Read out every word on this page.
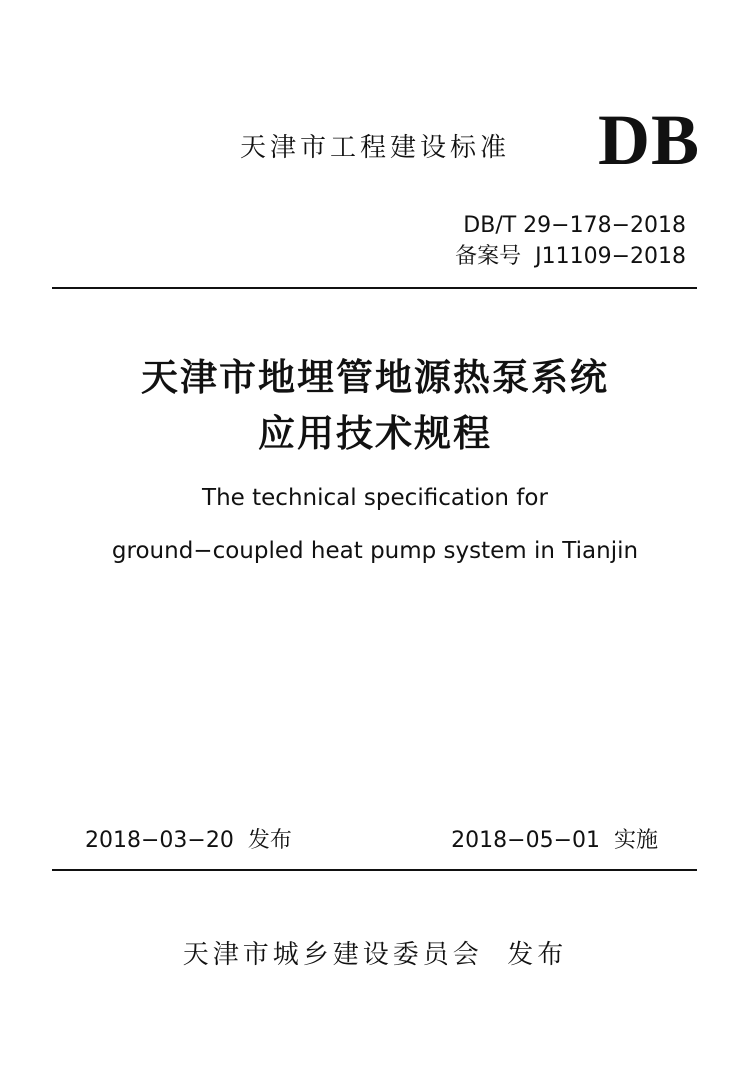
天津市工程建设标准 DB
DB/T 29−178−2018
备案号  J11109−2018
天津市地埋管地源热泵系统
应用技术规程
The technical specification for
ground−coupled heat pump system in Tianjin
2018−03−20  发布	2018−05−01  实施
天津市城乡建设委员会  发布
